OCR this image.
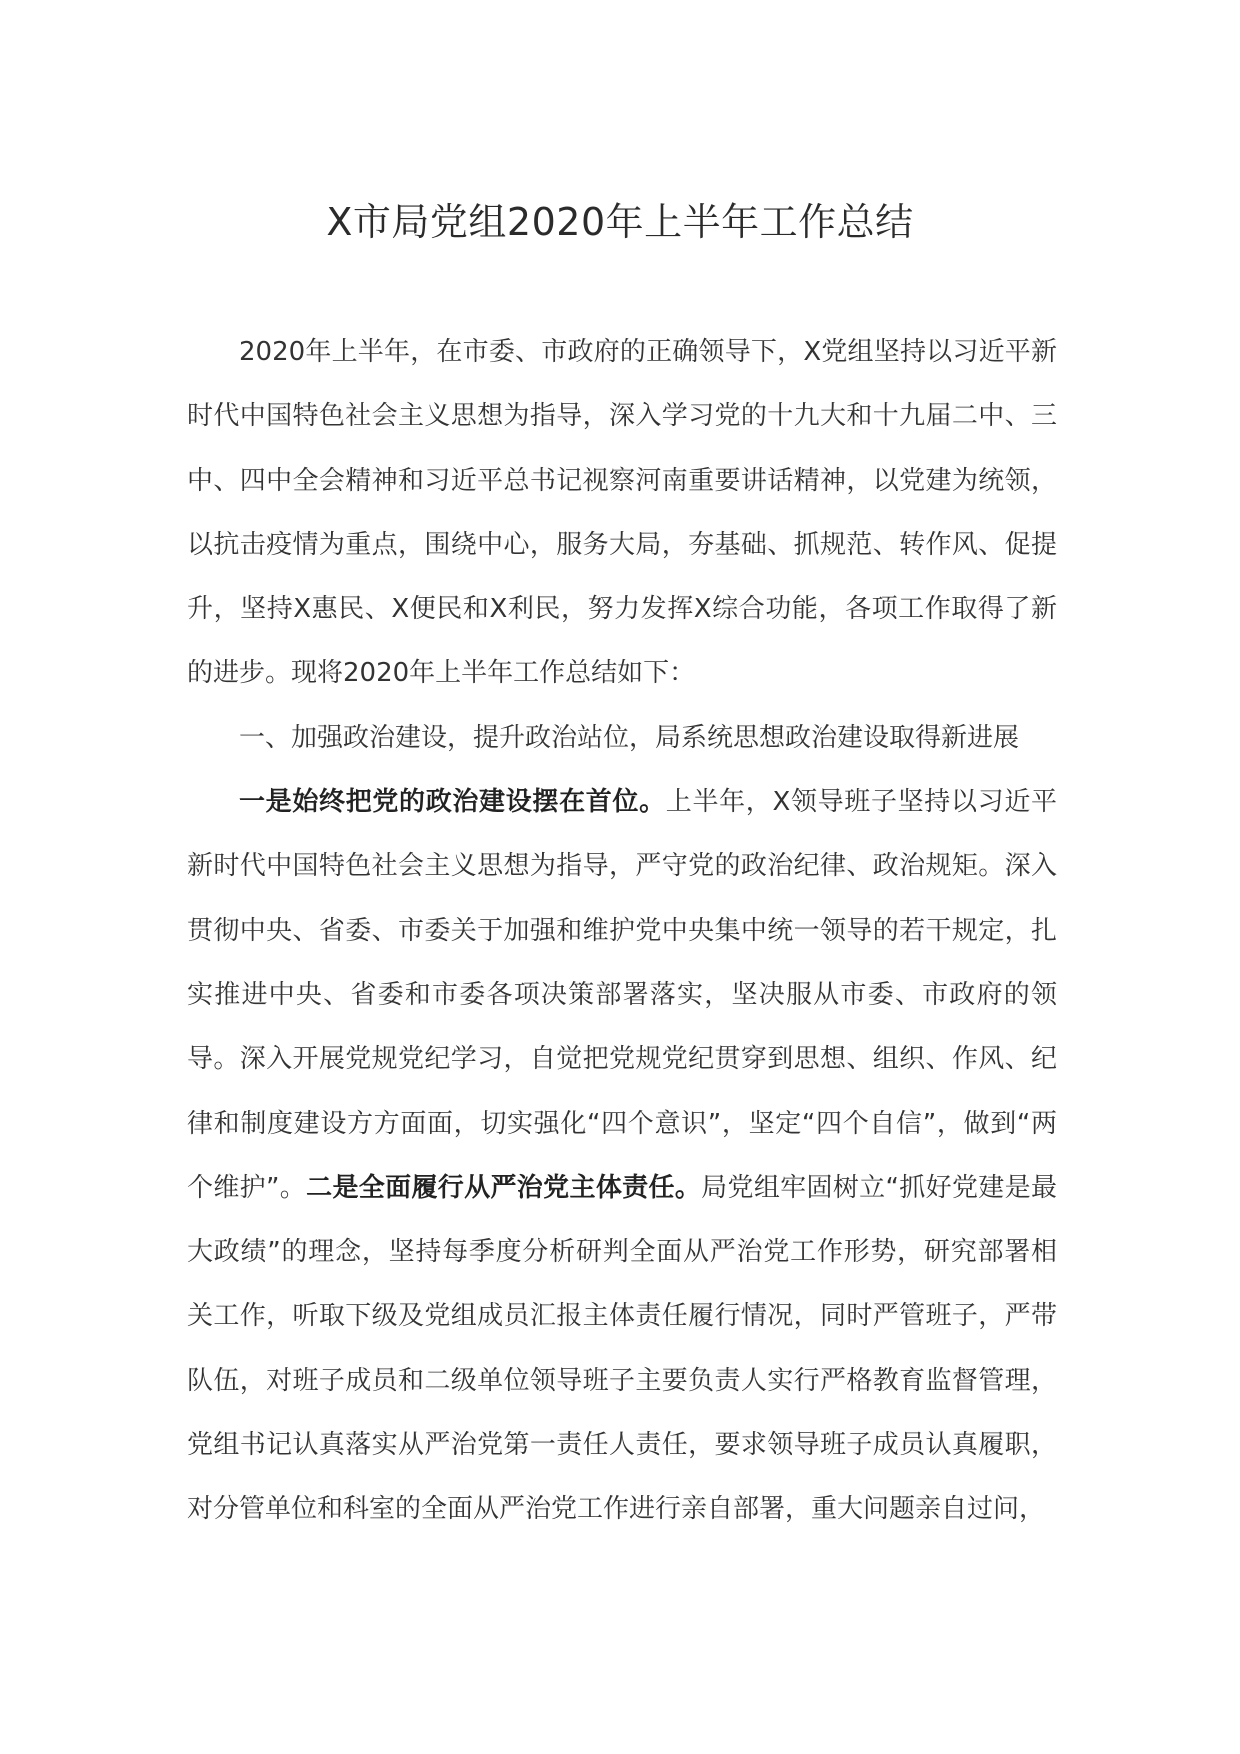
X市局党组2020年上半年工作总结

2020年上半年，在市委、市政府的正确领导下，X党组坚持以习近平新时代中国特色社会主义思想为指导，深入学习党的十九大和十九届二中、三中、四中全会精神和习近平总书记视察河南重要讲话精神，以党建为统领，以抗击疫情为重点，围绕中心，服务大局，夯基础、抓规范、转作风、促提升，坚持X惠民、X便民和X利民，努力发挥X综合功能，各项工作取得了新的进步。现将2020年上半年工作总结如下：

一、加强政治建设，提升政治站位，局系统思想政治建设取得新进展

一是始终把党的政治建设摆在首位。上半年，X领导班子坚持以习近平新时代中国特色社会主义思想为指导，严守党的政治纪律、政治规矩。深入贯彻中央、省委、市委关于加强和维护党中央集中统一领导的若干规定，扎实推进中央、省委和市委各项决策部署落实，坚决服从市委、市政府的领导。深入开展党规党纪学习，自觉把党规党纪贯穿到思想、组织、作风、纪律和制度建设方方面面，切实强化“四个意识”，坚定“四个自信”，做到“两个维护”。二是全面履行从严治党主体责任。局党组牢固树立“抓好党建是最大政绩”的理念，坚持每季度分析研判全面从严治党工作形势，研究部署相关工作，听取下级及党组成员汇报主体责任履行情况，同时严管班子，严带队伍，对班子成员和二级单位领导班子主要负责人实行严格教育监督管理，党组书记认真落实从严治党第一责任人责任，要求领导班子成员认真履职，对分管单位和科室的全面从严治党工作进行亲自部署，重大问题亲自过问，
